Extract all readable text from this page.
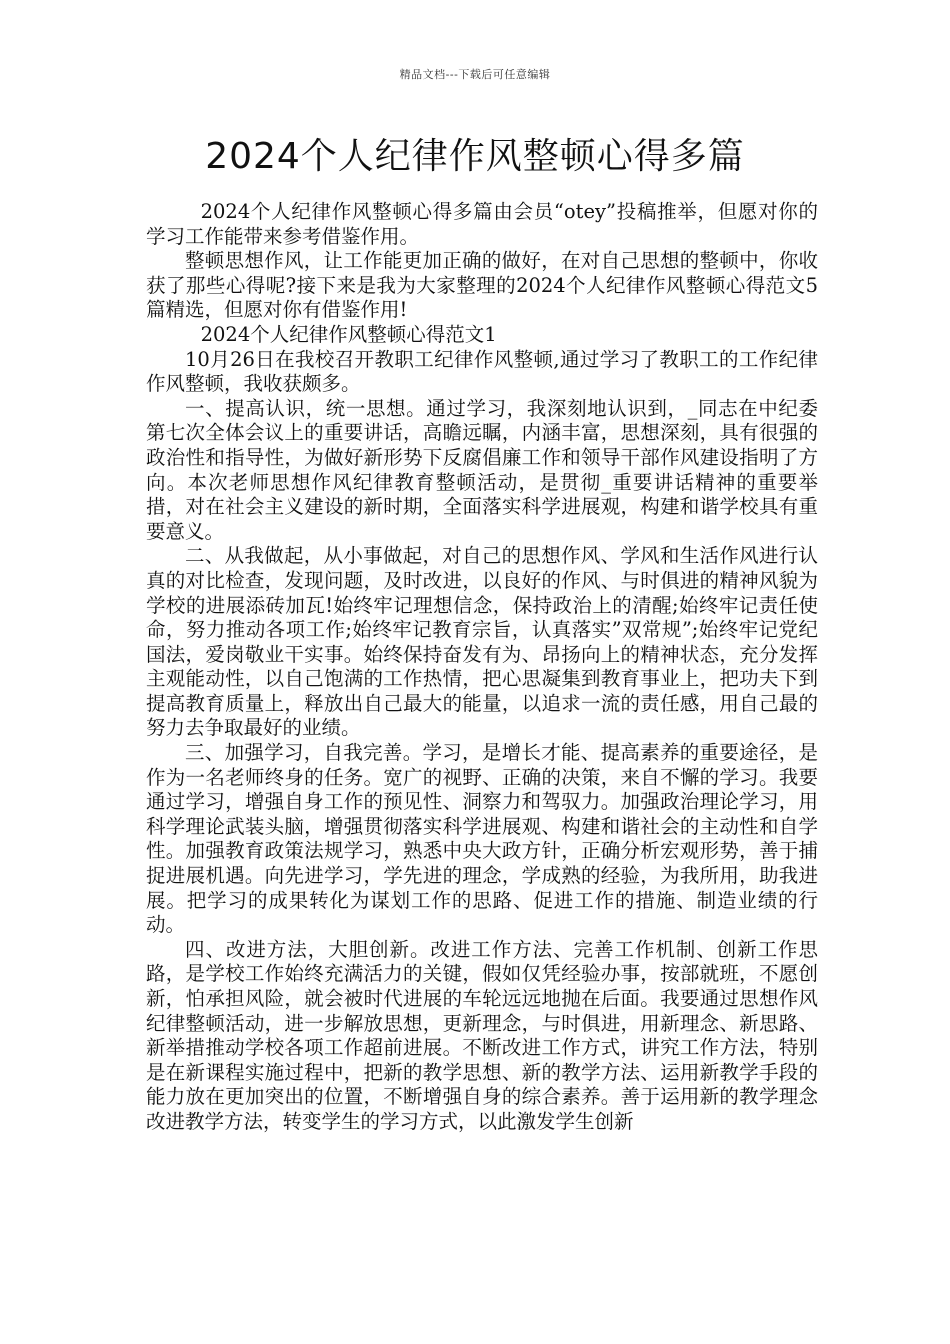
精品文档---下载后可任意编辑
2024个人纪律作风整顿心得多篇

2024个人纪律作风整顿心得多篇由会员“otey”投稿推举，但愿对你的学习工作能带来参考借鉴作用。

整顿思想作风，让工作能更加正确的做好，在对自己思想的整顿中，你收获了那些心得呢?接下来是我为大家整理的2024个人纪律作风整顿心得范文5篇精选，但愿对你有借鉴作用!

2024个人纪律作风整顿心得范文1

10月26日在我校召开教职工纪律作风整顿,通过学习了教职工的工作纪律作风整顿，我收获颇多。

一、提高认识，统一思想。通过学习，我深刻地认识到，_同志在中纪委第七次全体会议上的重要讲话，高瞻远瞩，内涵丰富，思想深刻，具有很强的政治性和指导性，为做好新形势下反腐倡廉工作和领导干部作风建设指明了方向。本次老师思想作风纪律教育整顿活动，是贯彻_重要讲话精神的重要举措，对在社会主义建设的新时期，全面落实科学进展观，构建和谐学校具有重要意义。

二、从我做起，从小事做起，对自己的思想作风、学风和生活作风进行认真的对比检查，发现问题，及时改进，以良好的作风、与时俱进的精神风貌为学校的进展添砖加瓦!始终牢记理想信念，保持政治上的清醒;始终牢记责任使命，努力推动各项工作;始终牢记教育宗旨，认真落实”双常规”;始终牢记党纪国法，爱岗敬业干实事。始终保持奋发有为、昂扬向上的精神状态，充分发挥主观能动性，以自己饱满的工作热情，把心思凝集到教育事业上，把功夫下到提高教育质量上，释放出自己最大的能量，以追求一流的责任感，用自己最的努力去争取最好的业绩。

三、加强学习，自我完善。学习，是增长才能、提高素养的重要途径，是作为一名老师终身的任务。宽广的视野、正确的决策，来自不懈的学习。我要通过学习，增强自身工作的预见性、洞察力和驾驭力。加强政治理论学习，用科学理论武装头脑，增强贯彻落实科学进展观、构建和谐社会的主动性和自学性。加强教育政策法规学习，熟悉中央大政方针，正确分析宏观形势，善于捕捉进展机遇。向先进学习，学先进的理念，学成熟的经验，为我所用，助我进展。把学习的成果转化为谋划工作的思路、促进工作的措施、制造业绩的行动。

四、改进方法，大胆创新。改进工作方法、完善工作机制、创新工作思路，是学校工作始终充满活力的关键，假如仅凭经验办事，按部就班，不愿创新，怕承担风险，就会被时代进展的车轮远远地抛在后面。我要通过思想作风纪律整顿活动，进一步解放思想，更新理念，与时俱进，用新理念、新思路、新举措推动学校各项工作超前进展。不断改进工作方式，讲究工作方法，特别是在新课程实施过程中，把新的教学思想、新的教学方法、运用新教学手段的能力放在更加突出的位置，不断增强自身的综合素养。善于运用新的教学理念改进教学方法，转变学生的学习方式，以此激发学生创新
